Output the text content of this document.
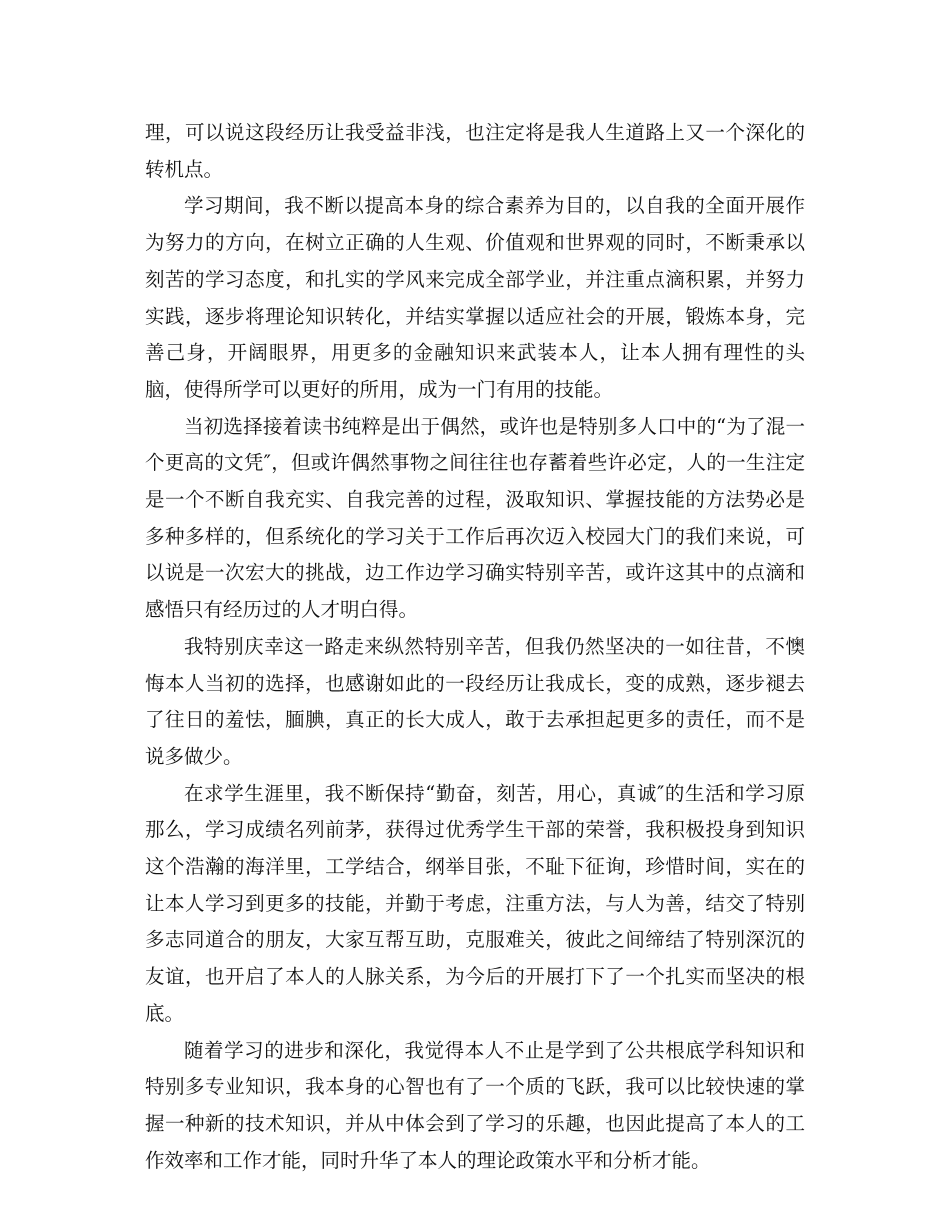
理，可以说这段经历让我受益非浅，也注定将是我人生道路上又一个深化的转机点。

学习期间，我不断以提高本身的综合素养为目的，以自我的全面开展作为努力的方向，在树立正确的人生观、价值观和世界观的同时，不断秉承以刻苦的学习态度，和扎实的学风来完成全部学业，并注重点滴积累，并努力实践，逐步将理论知识转化，并结实掌握以适应社会的开展，锻炼本身，完善己身，开阔眼界，用更多的金融知识来武装本人，让本人拥有理性的头脑，使得所学可以更好的所用，成为一门有用的技能。

当初选择接着读书纯粹是出于偶然，或许也是特别多人口中的“为了混一个更高的文凭″，但或许偶然事物之间往往也存蓄着些许必定，人的一生注定是一个不断自我充实、自我完善的过程，汲取知识、掌握技能的方法势必是多种多样的，但系统化的学习关于工作后再次迈入校园大门的我们来说，可以说是一次宏大的挑战，边工作边学习确实特别辛苦，或许这其中的点滴和感悟只有经历过的人才明白得。

我特别庆幸这一路走来纵然特别辛苦，但我仍然坚决的一如往昔，不懊悔本人当初的选择，也感谢如此的一段经历让我成长，变的成熟，逐步褪去了往日的羞怯，腼腆，真正的长大成人，敢于去承担起更多的责任，而不是说多做少。

在求学生涯里，我不断保持“勤奋，刻苦，用心，真诚″的生活和学习原那么，学习成绩名列前茅，获得过优秀学生干部的荣誉，我积极投身到知识这个浩瀚的海洋里，工学结合，纲举目张，不耻下征询，珍惜时间，实在的让本人学习到更多的技能，并勤于考虑，注重方法，与人为善，结交了特别多志同道合的朋友，大家互帮互助，克服难关，彼此之间缔结了特别深沉的友谊，也开启了本人的人脉关系，为今后的开展打下了一个扎实而坚决的根底。

随着学习的进步和深化，我觉得本人不止是学到了公共根底学科知识和特别多专业知识，我本身的心智也有了一个质的飞跃，我可以比较快速的掌握一种新的技术知识，并从中体会到了学习的乐趣，也因此提高了本人的工作效率和工作才能，同时升华了本人的理论政策水平和分析才能。
